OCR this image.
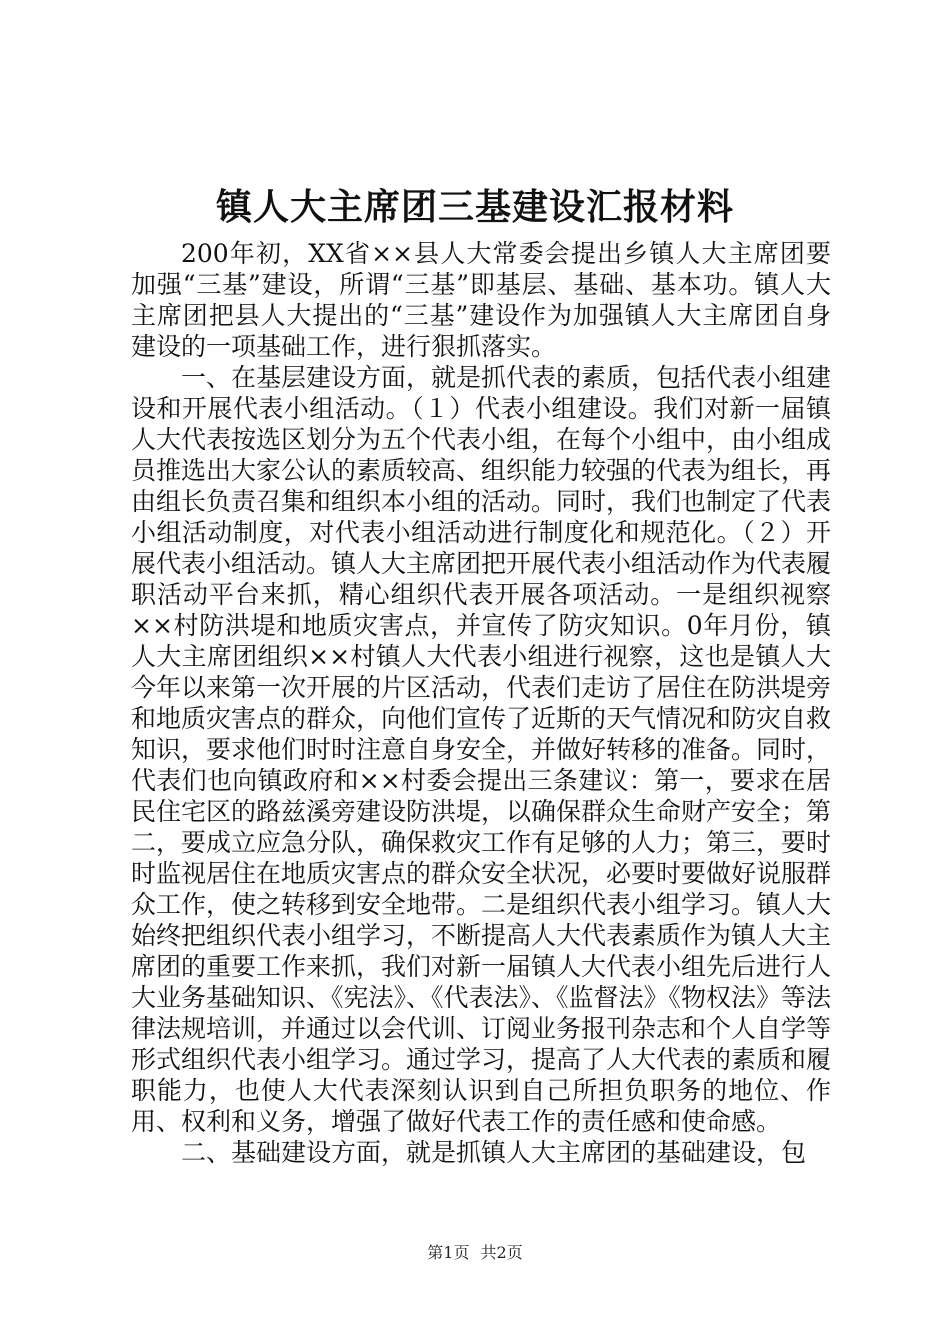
镇人大主席团三基建设汇报材料

200年初，XX省××县人大常委会提出乡镇人大主席团要加强“三基”建设，所谓“三基”即基层、基础、基本功。镇人大主席团把县人大提出的“三基”建设作为加强镇人大主席团自身建设的一项基础工作，进行狠抓落实。

一、在基层建设方面，就是抓代表的素质，包括代表小组建设和开展代表小组活动。（１）代表小组建设。我们对新一届镇人大代表按选区划分为五个代表小组，在每个小组中，由小组成员推选出大家公认的素质较高、组织能力较强的代表为组长，再由组长负责召集和组织本小组的活动。同时，我们也制定了代表小组活动制度，对代表小组活动进行制度化和规范化。（２）开展代表小组活动。镇人大主席团把开展代表小组活动作为代表履职活动平台来抓，精心组织代表开展各项活动。一是组织视察××村防洪堤和地质灾害点，并宣传了防灾知识。0年月份，镇人大主席团组织××村镇人大代表小组进行视察，这也是镇人大今年以来第一次开展的片区活动，代表们走访了居住在防洪堤旁和地质灾害点的群众，向他们宣传了近斯的天气情况和防灾自救知识，要求他们时时注意自身安全，并做好转移的准备。同时，代表们也向镇政府和××村委会提出三条建议：第一，要求在居民住宅区的路兹溪旁建设防洪堤，以确保群众生命财产安全；第二，要成立应急分队，确保救灾工作有足够的人力；第三，要时时监视居住在地质灾害点的群众安全状况，必要时要做好说服群众工作，使之转移到安全地带。二是组织代表小组学习。镇人大始终把组织代表小组学习，不断提高人大代表素质作为镇人大主席团的重要工作来抓，我们对新一届镇人大代表小组先后进行人大业务基础知识、《宪法》、《代表法》、《监督法》《物权法》等法律法规培训，并通过以会代训、订阅业务报刊杂志和个人自学等形式组织代表小组学习。通过学习，提高了人大代表的素质和履职能力，也使人大代表深刻认识到自己所担负职务的地位、作用、权利和义务，增强了做好代表工作的责任感和使命感。

二、基础建设方面，就是抓镇人大主席团的基础建设，包

第1页 共2页
